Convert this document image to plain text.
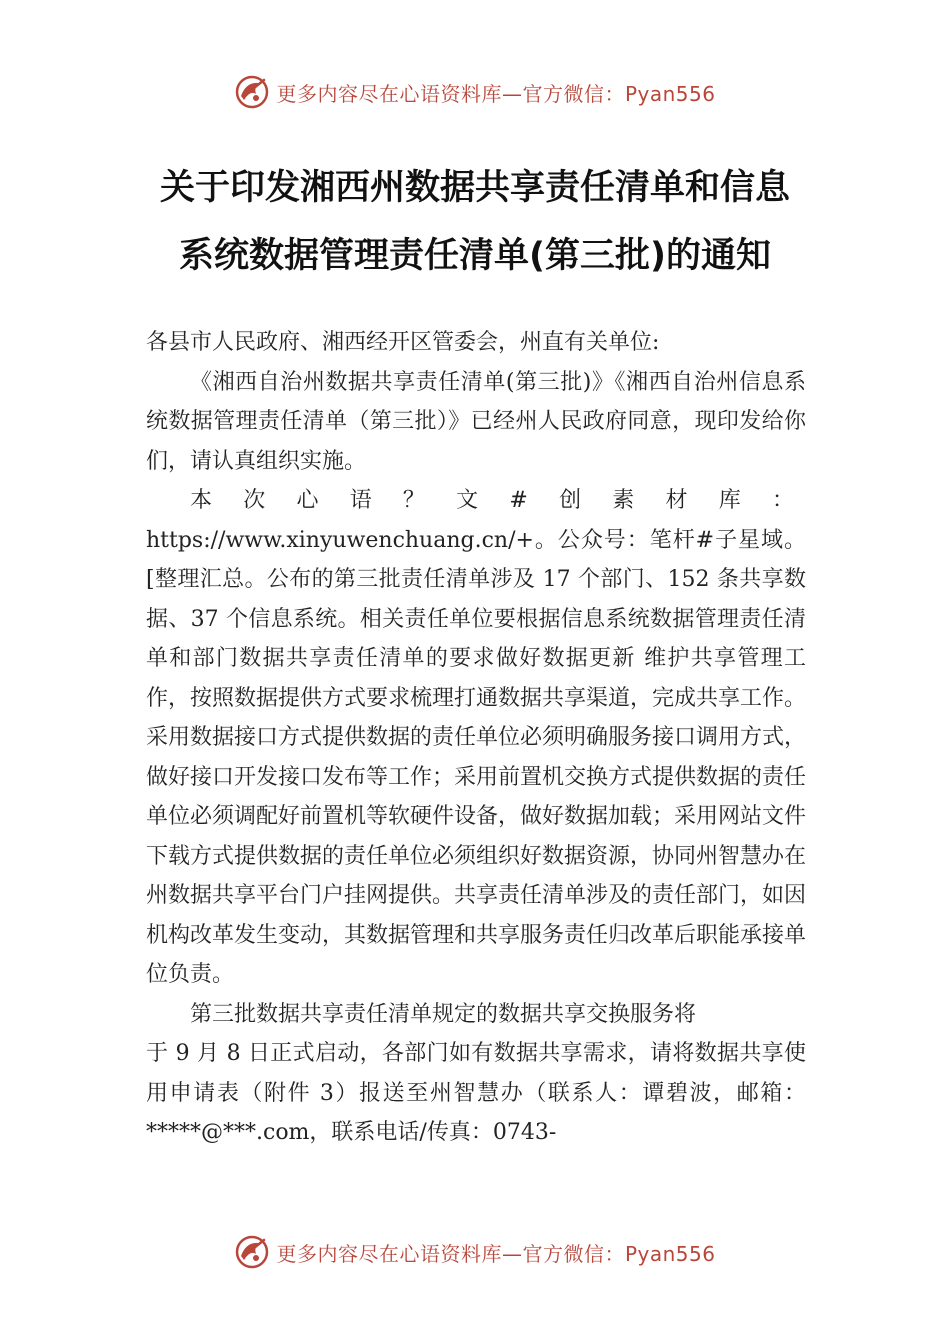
更多内容尽在心语资料库—官方微信：Pyan556
关于印发湘西州数据共享责任清单和信息
系统数据管理责任清单(第三批)的通知

各县市人民政府、湘西经开区管委会，州直有关单位:

《湘西自治州数据共享责任清单(第三批)》《湘西自治州信息系统数据管理责任清单（第三批）》已经州人民政府同意，现印发给你们，请认真组织实施。

本次心语？文#创素材库：https://www.xinyuwenchuang.cn/+。公众号：笔杆#子星域。[整理汇总。公布的第三批责任清单涉及 17 个部门、152 条共享数据、37 个信息系统。相关责任单位要根据信息系统数据管理责任清单和部门数据共享责任清单的要求做好数据更新 维护共享管理工作，按照数据提供方式要求梳理打通数据共享渠道，完成共享工作。采用数据接口方式提供数据的责任单位必须明确服务接口调用方式，做好接口开发接口发布等工作；采用前置机交换方式提供数据的责任单位必须调配好前置机等软硬件设备，做好数据加载；采用网站文件下载方式提供数据的责任单位必须组织好数据资源，协同州智慧办在州数据共享平台门户挂网提供。共享责任清单涉及的责任部门，如因机构改革发生变动，其数据管理和共享服务责任归改革后职能承接单位负责。

第三批数据共享责任清单规定的数据共享交换服务将

于 9 月 8 日正式启动，各部门如有数据共享需求，请将数据共享使用申请表（附件 3）报送至州智慧办（联系人：谭碧波，邮箱：*****@***.com，联系电话/传真：0743-

更多内容尽在心语资料库—官方微信：Pyan556
